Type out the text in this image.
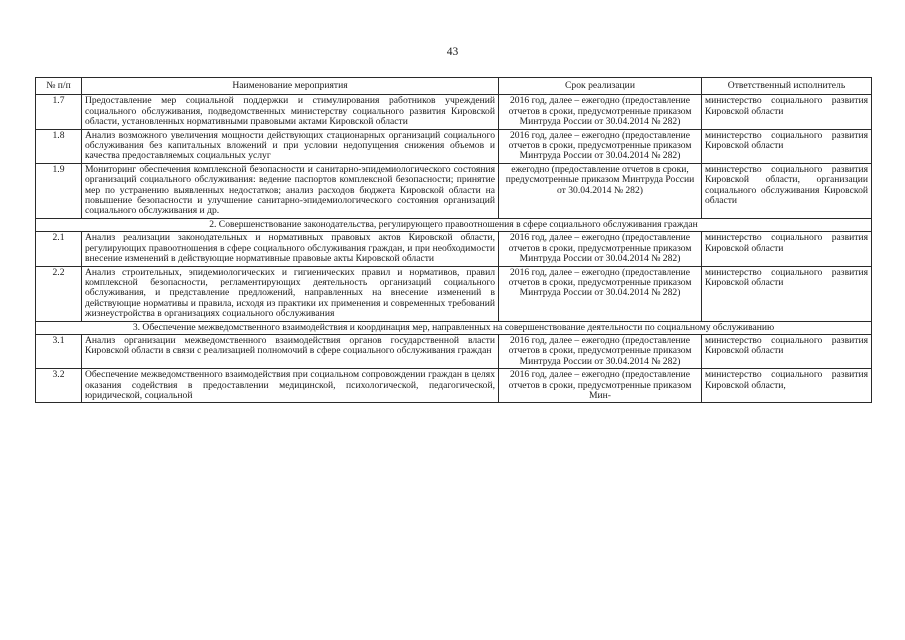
43
№ п/п	Наименование мероприятия	Срок реализации	Ответственный исполнитель
1.7	Предоставление мер социальной поддержки и стимулирования работников учреждений социального обслуживания, подведомственных министерству социального развития Кировской области, установленных нормативными правовыми актами Кировской области	2016 год, далее – ежегодно (предоставление отчетов в сроки, предусмотренные приказом Минтруда России от 30.04.2014 № 282)	министерство социального развития Кировской области
1.8	Анализ возможного увеличения мощности действующих стационарных организаций социального обслуживания без капитальных вложений и при условии недопущения снижения объемов и качества предоставляемых социальных услуг	2016 год, далее – ежегодно (предоставление отчетов в сроки, предусмотренные приказом Минтруда России от 30.04.2014 № 282)	министерство социального развития Кировской области
1.9	Мониторинг обеспечения комплексной безопасности и санитарно-эпидемиологического состояния организаций социального обслуживания: ведение паспортов комплексной безопасности; принятие мер по устранению выявленных недостатков; анализ расходов бюджета Кировской области на повышение безопасности и улучшение санитарно-эпидемиологического состояния организаций социального обслуживания и др.	ежегодно (предоставление отчетов в сроки, предусмотренные приказом Минтруда России от 30.04.2014 № 282)	министерство социального развития Кировской области, организации социального обслуживания Кировской области
2. Совершенствование законодательства, регулирующего правоотношения в сфере социального обслуживания граждан			
2.1	Анализ реализации законодательных и нормативных правовых актов Кировской области, регулирующих правоотношения в сфере социального обслуживания граждан, и при необходимости внесение изменений в действующие нормативные правовые акты Кировской области	2016 год, далее – ежегодно (предоставление отчетов в сроки, предусмотренные приказом Минтруда России от 30.04.2014 № 282)	министерство социального развития Кировской области
2.2	Анализ строительных, эпидемиологических и гигиенических правил и нормативов, правил комплексной безопасности, регламентирующих деятельность организаций социального обслуживания, и представление предложений, направленных на внесение изменений в действующие нормативы и правила, исходя из практики их применения и современных требований жизнеустройства в организациях социального обслуживания	2016 год, далее – ежегодно (предоставление отчетов в сроки, предусмотренные приказом Минтруда России от 30.04.2014 № 282)	министерство социального развития Кировской области
3. Обеспечение межведомственного взаимодействия и координация мер, направленных на совершенствование деятельности по социальному обслуживанию			
3.1	Анализ организации межведомственного взаимодействия органов государственной власти Кировской области в связи с реализацией полномочий в сфере социального обслуживания граждан	2016 год, далее – ежегодно (предоставление отчетов в сроки, предусмотренные приказом Минтруда России от 30.04.2014 № 282)	министерство социального развития Кировской области
3.2	Обеспечение межведомственного взаимодействия при социальном сопровождении граждан в целях оказания содействия в предоставлении медицинской, психологической, педагогической, юридической, социальной	2016 год, далее – ежегодно (предоставление отчетов в сроки, предусмотренные приказом Мин-	министерство социального развития Кировской области,
